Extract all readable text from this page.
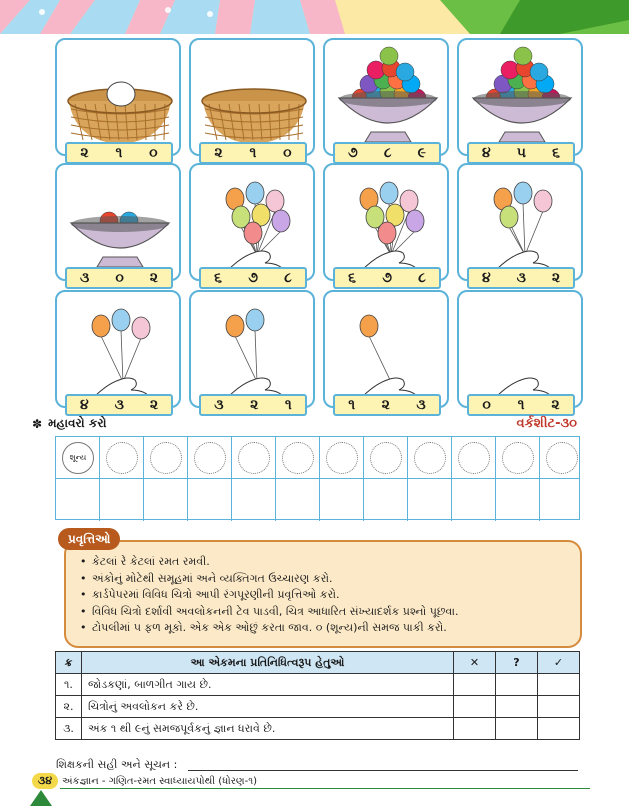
૨ ૧ ૦	૨ ૧ ૦	૭ ૮ ૯	૪ ૫ ૬
૩ ૦ ૨	૬ ૭ ૮	૬ ૭ ૮	૪ ૩ ૨
૪ ૩ ૨	૩ ૨ ૧	૧ ૨ ૩	૦ ૧ ૨
✽ મહાવરો કરો	વર્કશીટ-૩૦
શૂન્ય
પ્રવૃત્તિઓ
• કેટલાં રે કેટલાં રમત રમવી.
• અંકોનું મોટેથી સમૂહમાં અને વ્યક્તિગત ઉચ્ચારણ કરો.
• કાર્ડપેપરમાં વિવિધ ચિત્રો આપી રંગપૂરણીની પ્રવૃત્તિઓ કરો.
• વિવિધ ચિત્રો દર્શાવી અવલોકનની ટેવ પાડવી, ચિત્ર આધારિત સંખ્યાદર્શક પ્રશ્નો પૂછવા.
• ટોપલીમાં ૫ ફળ મૂકો. એક એક ઓછું કરતા જાવ. ૦ (શૂન્ય)ની સમજ પાકી કરો.
ક્ર	આ એકમના પ્રતિનિધિત્વરૂપ હેતુઓ	✕	?	✓
૧.	જોડકણાં, બાળગીત ગાય છે.			
૨.	ચિત્રોનું અવલોકન કરે છે.			
૩.	અંક ૧ થી ૯નું સમજપૂર્વકનું જ્ઞાન ધરાવે છે.			
શિક્ષકની સહી અને સૂચન :
૩૪ અંકજ્ઞાન - ગણિત-રમત સ્વાધ્યાયપોથી (ધોરણ-૧)
